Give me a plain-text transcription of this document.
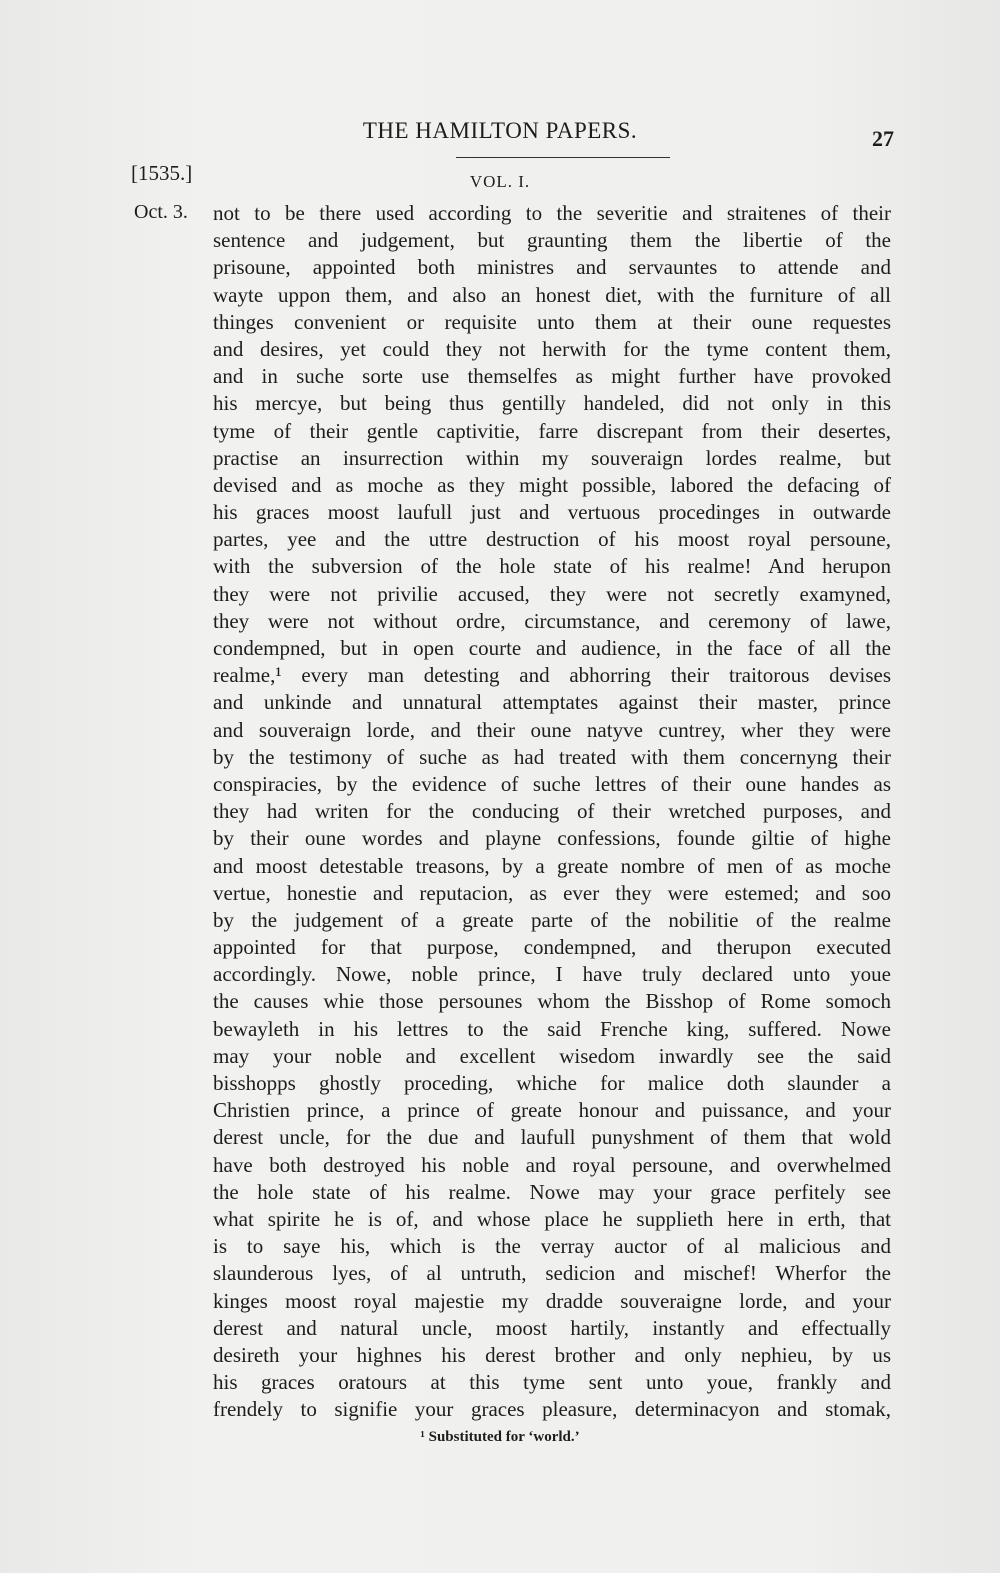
THE HAMILTON PAPERS.	27
[1535.]	VOL. I.
Oct. 3. not to be there used according to the severitie and straitenes of their
sentence and judgement, but graunting them the libertie of the
prisoune, appointed both ministres and servauntes to attende and
wayte uppon them, and also an honest diet, with the furniture of all
thinges convenient or requisite unto them at their oune requestes
and desires, yet could they not herwith for the tyme content them,
and in suche sorte use themselfes as might further have provoked
his mercye, but being thus gentilly handeled, did not only in this
tyme of their gentle captivitie, farre discrepant from their desertes,
practise an insurrection within my souveraign lordes realme, but
devised and as moche as they might possible, labored the defacing of
his graces moost laufull just and vertuous procedinges in outwarde
partes, yee and the uttre destruction of his moost royal persoune,
with the subversion of the hole state of his realme! And herupon
they were not privilie accused, they were not secretly examyned,
they were not without ordre, circumstance, and ceremony of lawe,
condempned, but in open courte and audience, in the face of all the
realme,¹ every man detesting and abhorring their traitorous devises
and unkinde and unnatural attemptates against their master, prince
and souveraign lorde, and their oune natyve cuntrey, wher they were
by the testimony of suche as had treated with them concernyng their
conspiracies, by the evidence of suche lettres of their oune handes as
they had writen for the conducing of their wretched purposes, and
by their oune wordes and playne confessions, founde giltie of highe
and moost detestable treasons, by a greate nombre of men of as moche
vertue, honestie and reputacion, as ever they were estemed; and soo
by the judgement of a greate parte of the nobilitie of the realme
appointed for that purpose, condempned, and therupon executed
accordingly. Nowe, noble prince, I have truly declared unto youe
the causes whie those persounes whom the Bisshop of Rome somoch
bewayleth in his lettres to the said Frenche king, suffered. Nowe
may your noble and excellent wisedom inwardly see the said
bisshopps ghostly proceding, whiche for malice doth slaunder a
Christien prince, a prince of greate honour and puissance, and your
derest uncle, for the due and laufull punyshment of them that wold
have both destroyed his noble and royal persoune, and overwhelmed
the hole state of his realme. Nowe may your grace perfitely see
what spirite he is of, and whose place he supplieth here in erth, that
is to saye his, which is the verray auctor of al malicious and
slaunderous lyes, of al untruth, sedicion and mischef! Wherfor the
kinges moost royal majestie my dradde souveraigne lorde, and your
derest and natural uncle, moost hartily, instantly and effectually
desireth your highnes his derest brother and only nephieu, by us
his graces oratours at this tyme sent unto youe, frankly and
frendely to signifie your graces pleasure, determinacyon and stomak,
¹ Substituted for ‘world.’
